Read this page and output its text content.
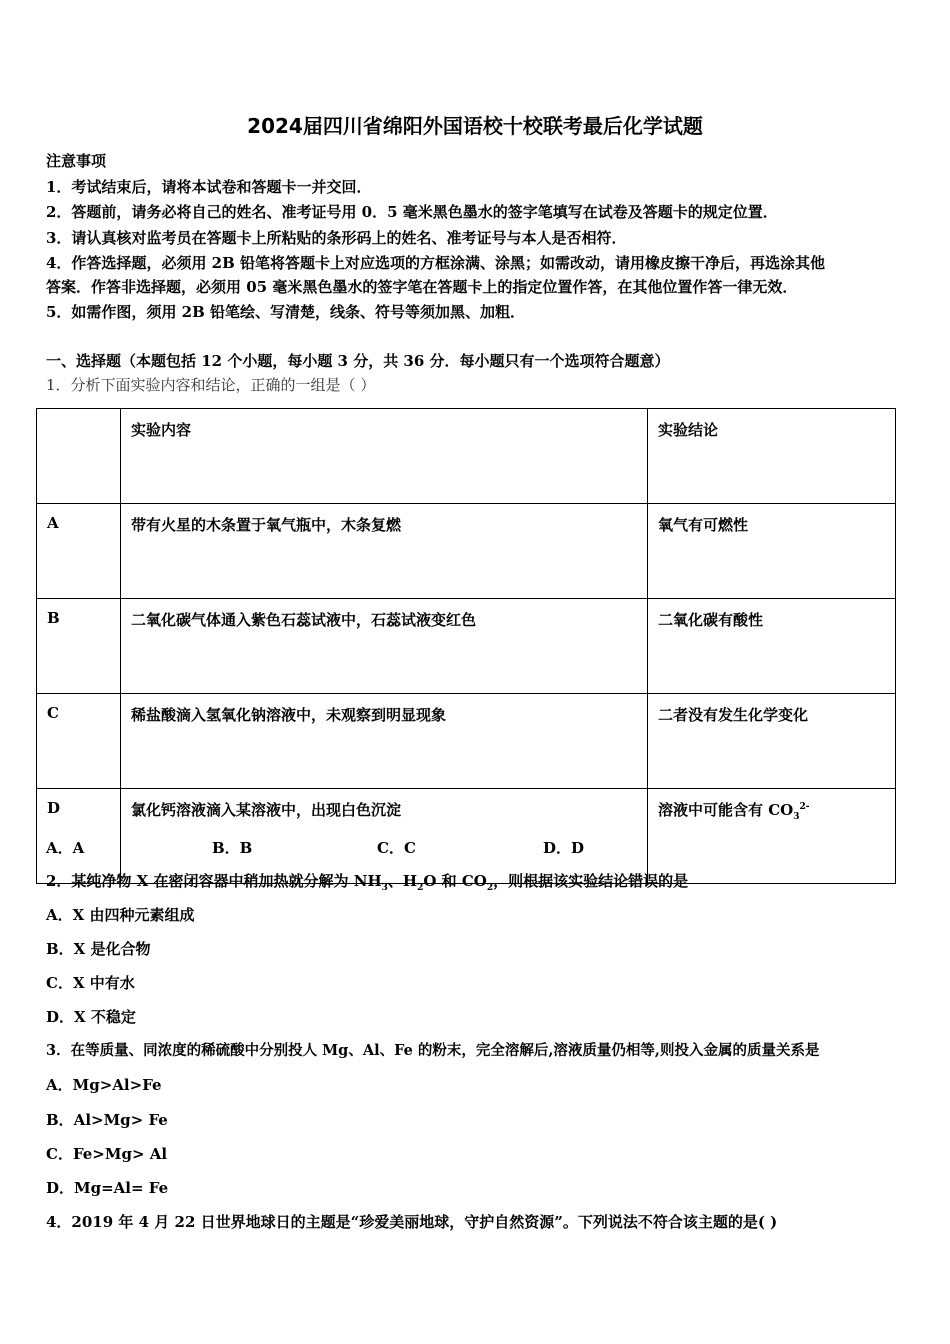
2024届四川省绵阳外国语校十校联考最后化学试题
注意事项
1．考试结束后，请将本试卷和答题卡一并交回．
2．答题前，请务必将自己的姓名、准考证号用 0．5 毫米黑色墨水的签字笔填写在试卷及答题卡的规定位置．
3．请认真核对监考员在答题卡上所粘贴的条形码上的姓名、准考证号与本人是否相符．
4．作答选择题，必须用 2B 铅笔将答题卡上对应选项的方框涂满、涂黑；如需改动，请用橡皮擦干净后，再选涂其他
答案．作答非选择题，必须用 05 毫米黑色墨水的签字笔在答题卡上的指定位置作答，在其他位置作答一律无效．
5．如需作图，须用 2B 铅笔绘、写清楚，线条、符号等须加黑、加粗．
一、选择题（本题包括 12 个小题，每小题 3 分，共 36 分．每小题只有一个选项符合题意）
1．分析下面实验内容和结论，正确的一组是（ ）
	实验内容	实验结论
A	带有火星的木条置于氧气瓶中，木条复燃	氧气有可燃性
B	二氧化碳气体通入紫色石蕊试液中，石蕊试液变红色	二氧化碳有酸性
C	稀盐酸滴入氢氧化钠溶液中，未观察到明显现象	二者没有发生化学变化
D	氯化钙溶液滴入某溶液中，出现白色沉淀	溶液中可能含有 $CO_3^{2-}$
A．A	B．B	C．C	D．D
2．某纯净物 X 在密闭容器中稍加热就分解为 $NH_3$、$H_2O$ 和 $CO_2$，则根据该实验结论错误的是
A．X 由四种元素组成
B．X 是化合物
C．X 中有水
D．X 不稳定
3．在等质量、同浓度的稀硫酸中分别投人 Mg、Al、Fe 的粉末，完全溶解后,溶液质量仍相等,则投入金属的质量关系是
A．Mg>Al>Fe
B．Al>Mg> Fe
C．Fe>Mg> Al
D．Mg=Al= Fe
4．2019 年 4 月 22 日世界地球日的主题是“珍爱美丽地球，守护自然资源”。下列说法不符合该主题的是( )
